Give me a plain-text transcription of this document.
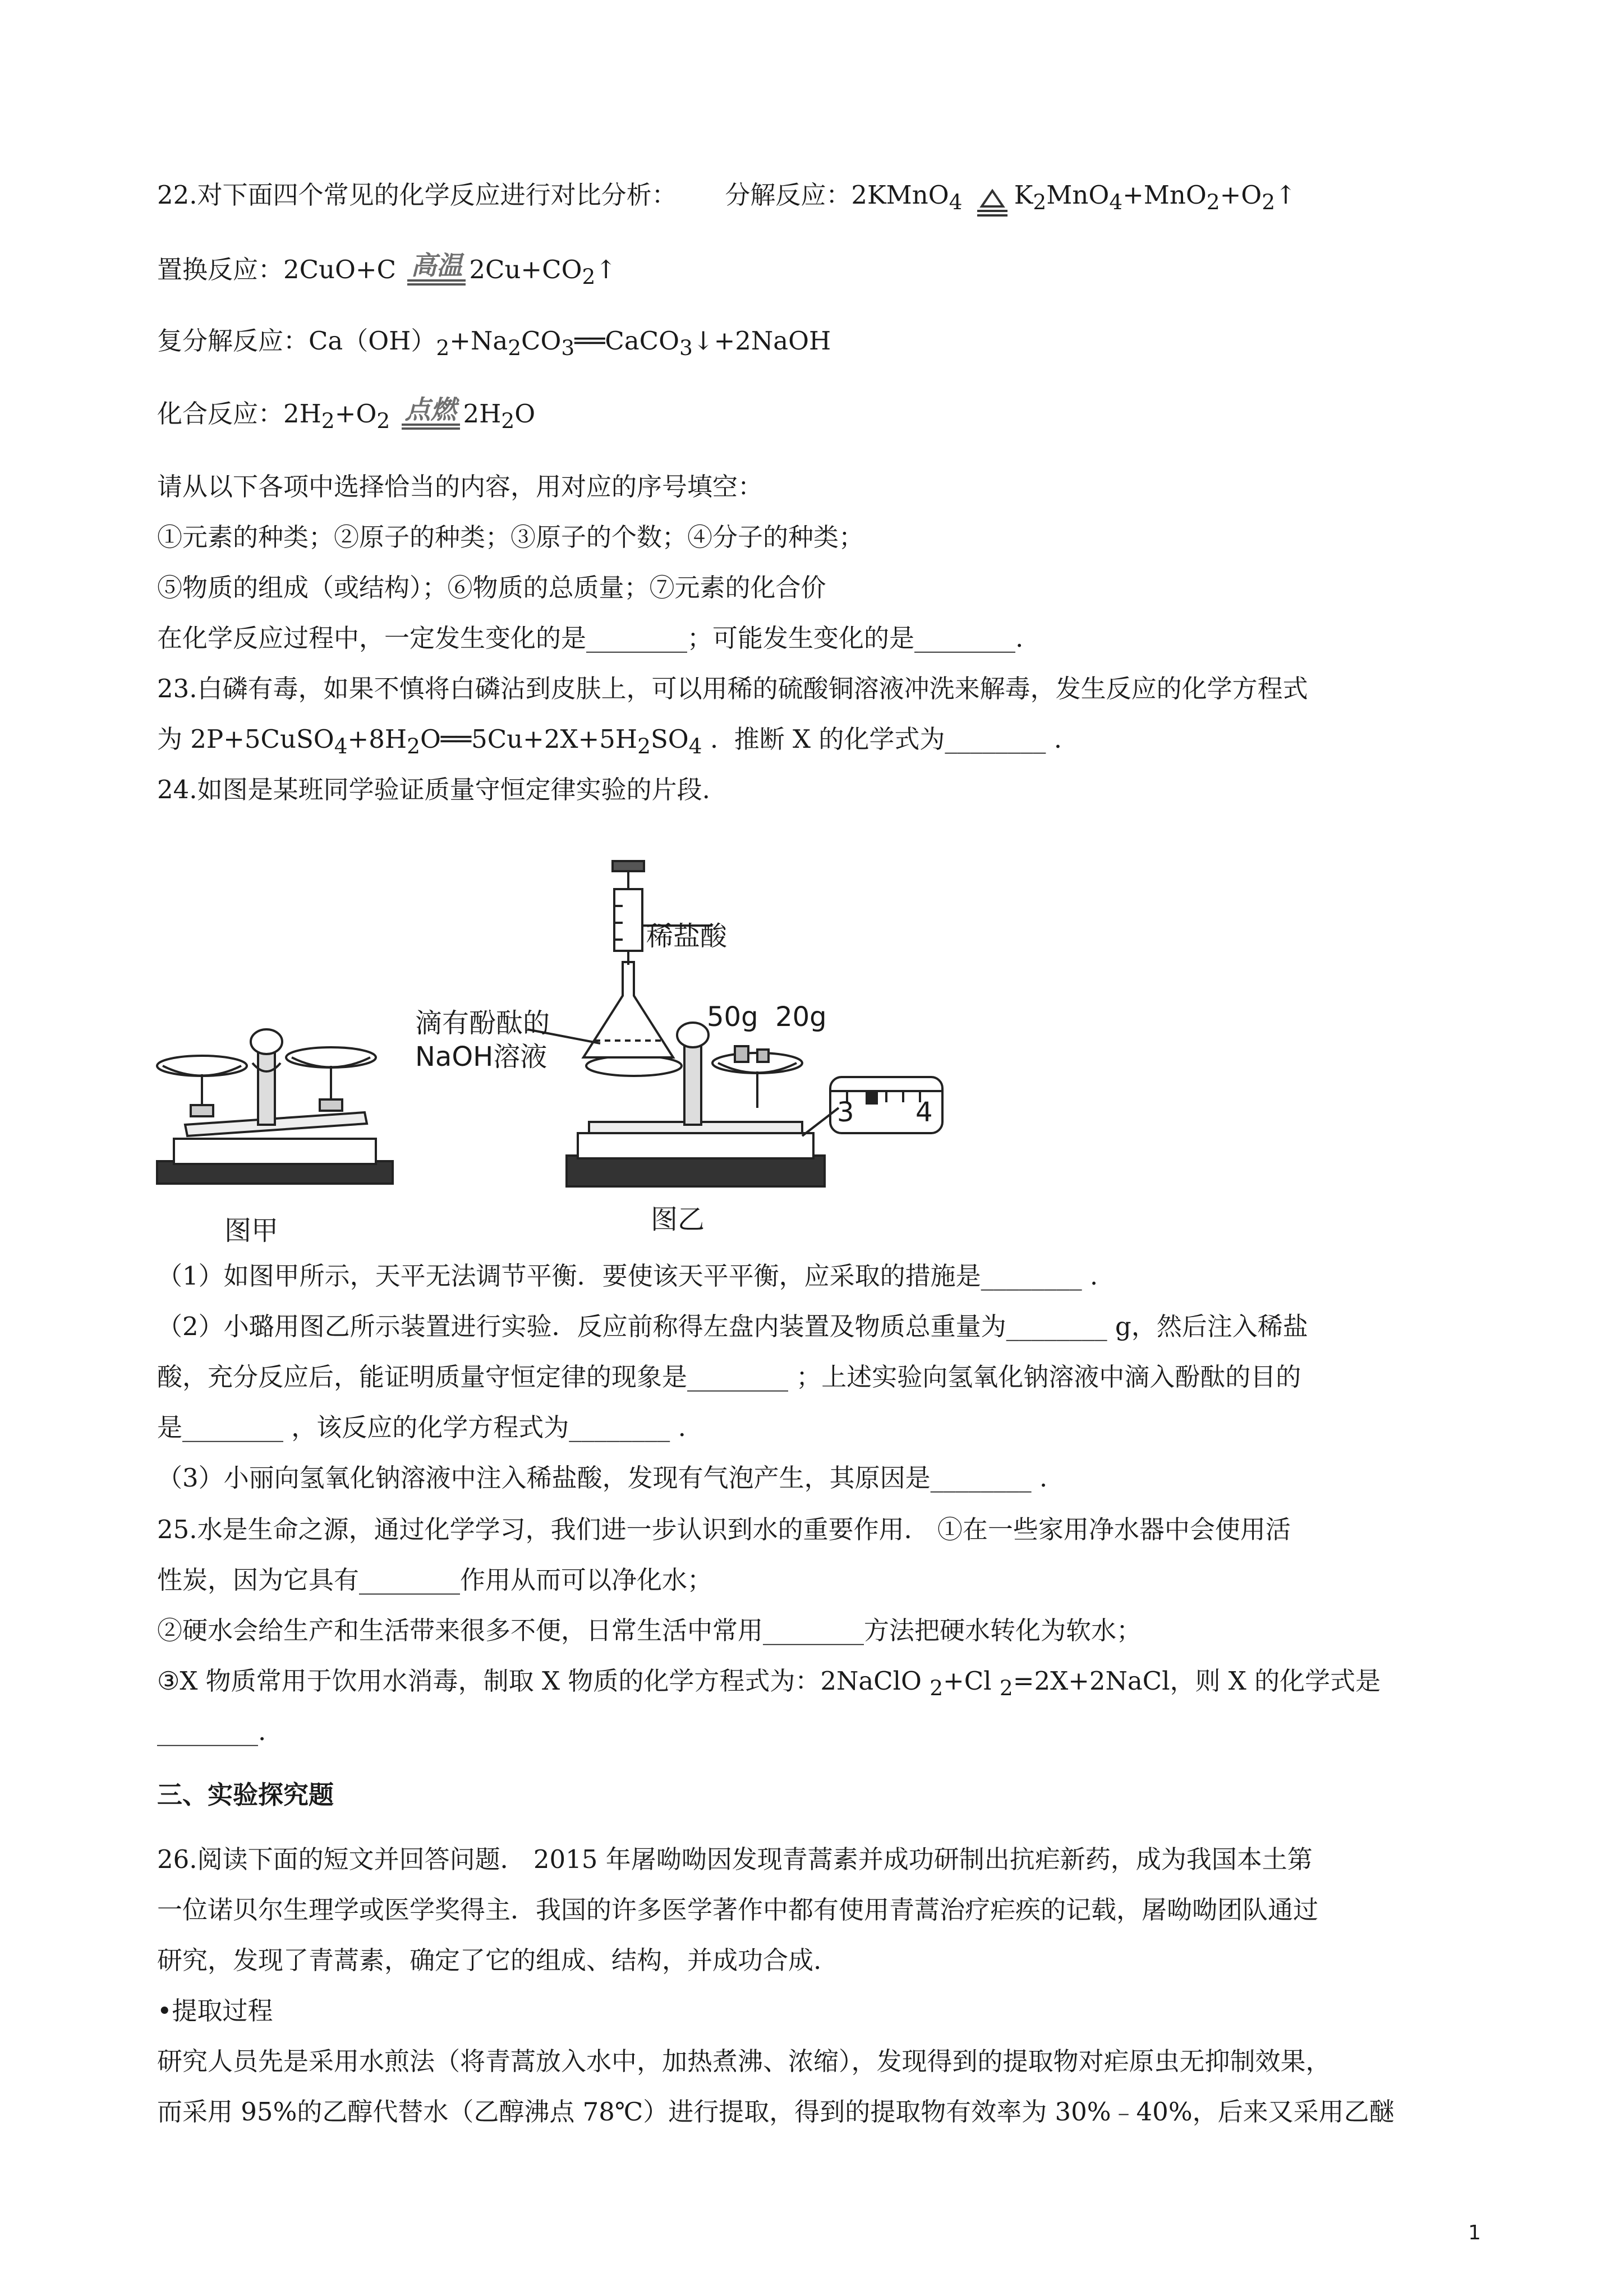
22.对下面四个常见的化学反应进行对比分析： 分解反应：2KMnO$_4$ $K_2MnO_4+MnO_2+O_2↑$
置换反应：2CuO+C 高温 $2Cu+CO_2↑$
复分解反应：$Ca(OH)_2+Na_2CO_3══CaCO_3↓+2NaOH$
化合反应：$2H_2+O_2$ 点燃 $2H_2O$
请从以下各项中选择恰当的内容，用对应的序号填空：
①元素的种类；②原子的种类；③原子的个数；④分子的种类；
⑤物质的组成（或结构）；⑥物质的总质量；⑦元素的化合价
在化学反应过程中，一定发生变化的是________；可能发生变化的是________.
23.白磷有毒，如果不慎将白磷沾到皮肤上，可以用稀的硫酸铜溶液冲洗来解毒，发生反应的化学方程式
为 $2P+5CuSO_4+8H_2O══5Cu+2X+5H_2SO_4$ .  推断 X 的化学式为________ .
24.如图是某班同学验证质量守恒定律实验的片段.
稀盐酸
滴有酚酞的
NaOH溶液
50g  20g
3 4
图甲	图乙
（1）如图甲所示，天平无法调节平衡．要使该天平平衡，应采取的措施是________ .
（2）小璐用图乙所示装置进行实验．反应前称得左盘内装置及物质总重量为________ g，然后注入稀盐
酸，充分反应后，能证明质量守恒定律的现象是________ ；上述实验向氢氧化钠溶液中滴入酚酞的目的
是________ ，该反应的化学方程式为________ .
（3）小丽向氢氧化钠溶液中注入稀盐酸，发现有气泡产生，其原因是________ .
25.水是生命之源，通过化学学习，我们进一步认识到水的重要作用． ①在一些家用净水器中会使用活
性炭，因为它具有________作用从而可以净化水；
②硬水会给生产和生活带来很多不便，日常生活中常用________方法把硬水转化为软水；
③X 物质常用于饮用水消毒，制取 X 物质的化学方程式为：2NaClO $_2$+Cl $_2$=2X+2NaCl，则 X 的化学式是
________.
三、实验探究题
26.阅读下面的短文并回答问题． 2015 年屠呦呦因发现青蒿素并成功研制出抗疟新药，成为我国本土第
一位诺贝尔生理学或医学奖得主．我国的许多医学著作中都有使用青蒿治疗疟疾的记载，屠呦呦团队通过
研究，发现了青蒿素，确定了它的组成、结构，并成功合成.
•提取过程
研究人员先是采用水煎法（将青蒿放入水中，加热煮沸、浓缩），发现得到的提取物对疟原虫无抑制效果，
而采用 95%的乙醇代替水（乙醇沸点 78℃）进行提取，得到的提取物有效率为 30%﹣40%，后来又采用乙醚
1
